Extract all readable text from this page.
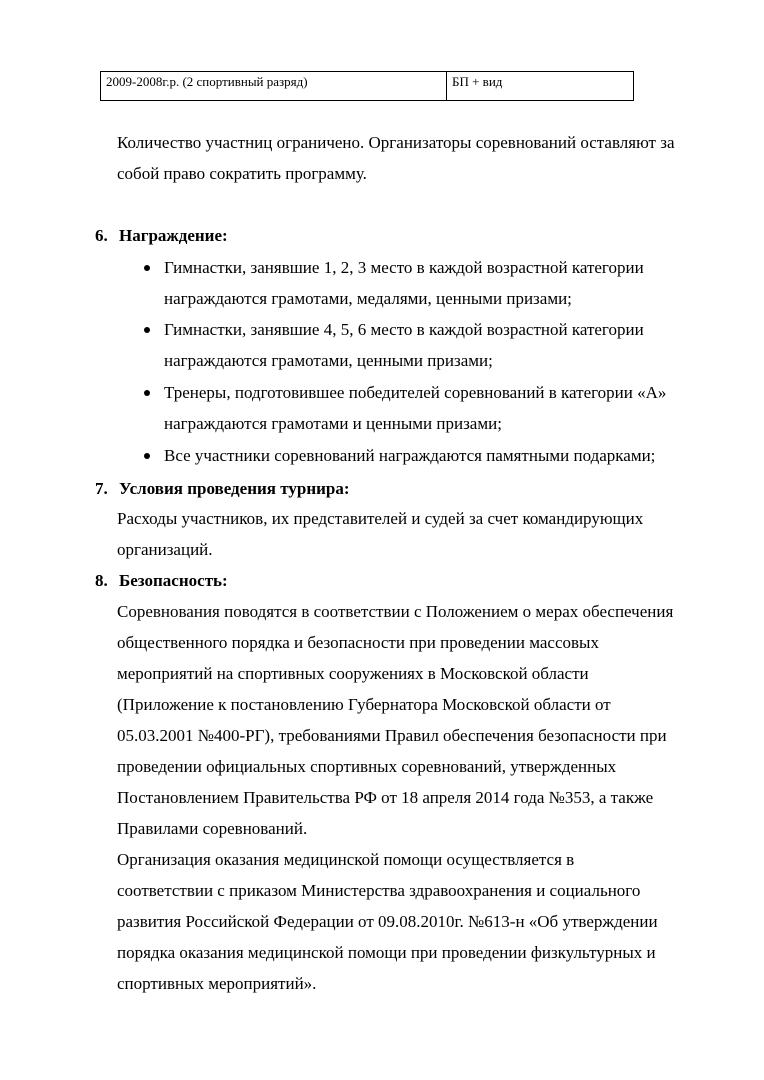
2009-2008г.р. (2 спортивный разряд)	БП + вид
Количество участниц ограничено. Организаторы соревнований оставляют за
собой право сократить программу.
6. Награждение:
Гимнастки, занявшие 1, 2, 3 место в каждой возрастной категории
награждаются грамотами, медалями, ценными призами;
Гимнастки, занявшие 4, 5, 6 место в каждой возрастной категории
награждаются грамотами, ценными призами;
Тренеры, подготовившее победителей соревнований в категории «А»
награждаются грамотами и ценными призами;
Все участники соревнований награждаются памятными подарками;
7. Условия проведения турнира:
Расходы участников, их представителей и судей за счет командирующих
организаций.
8. Безопасность:
Соревнования поводятся в соответствии с Положением о мерах обеспечения
общественного порядка и безопасности при проведении массовых
мероприятий на спортивных сооружениях в Московской области
(Приложение к постановлению Губернатора Московской области от
05.03.2001 №400-РГ), требованиями Правил обеспечения безопасности при
проведении официальных спортивных соревнований, утвержденных
Постановлением Правительства РФ от 18 апреля 2014 года №353, а также
Правилами соревнований.
Организация оказания медицинской помощи осуществляется в
соответствии с приказом Министерства здравоохранения и социального
развития Российской Федерации от 09.08.2010г. №613-н «Об утверждении
порядка оказания медицинской помощи при проведении физкультурных и
спортивных мероприятий».
